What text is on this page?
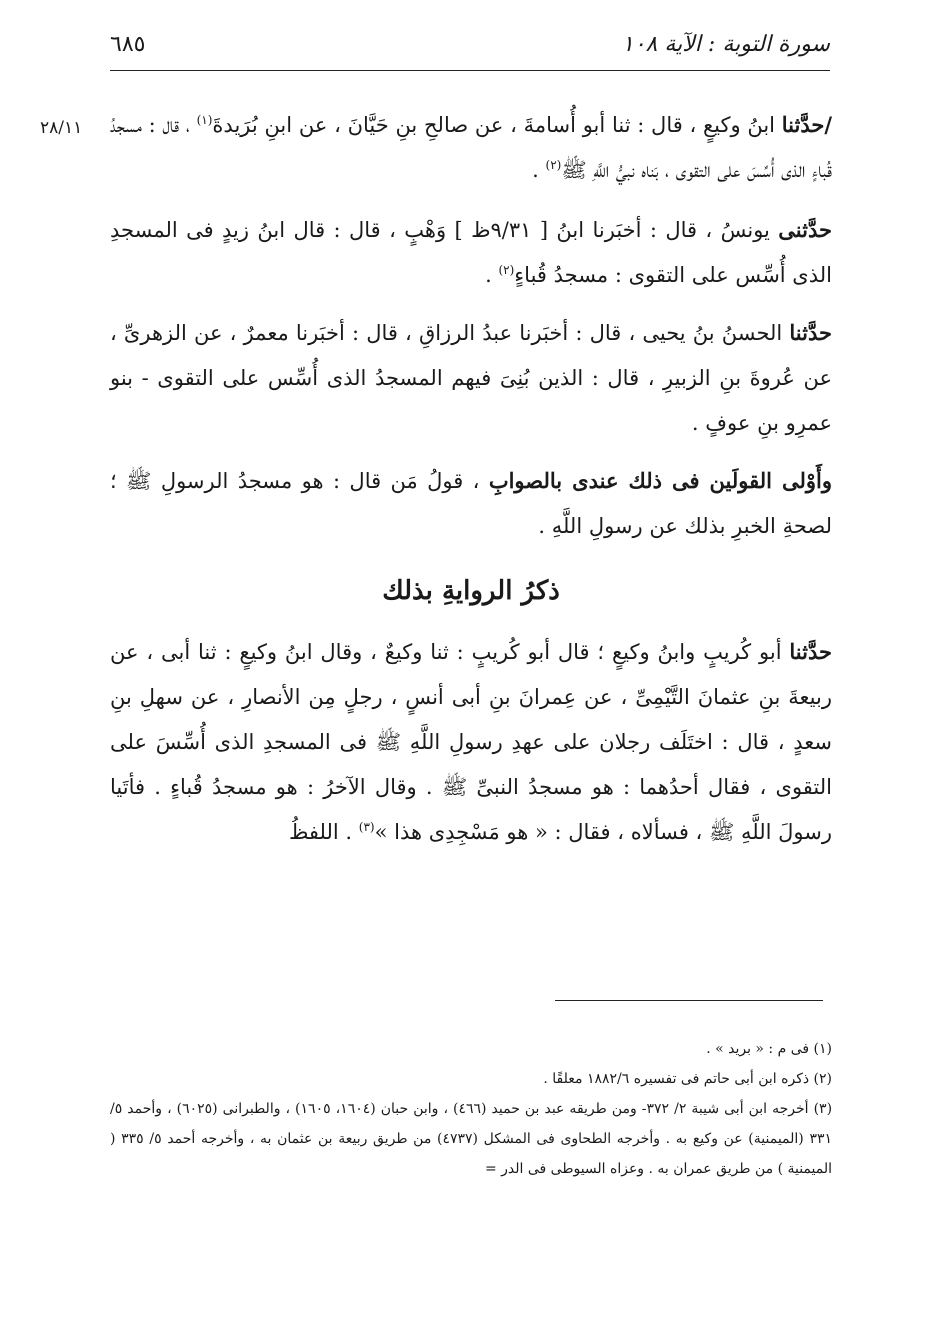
٦٨٥	سورة التوبة : الآية ١٠٨
٢٨/١١	/حدَّثنا ابنُ وكيعٍ ، قال : ثنا أبو أُسامةَ ، عن صالحِ بنِ حَيَّانَ ، عن ابنِ بُرَيدةَ$^{(١)}$ ، قال : مسجدُ قُباءٍ الذى أُسِّسَ على التقوى ، بَناه نبيُّ اللَّهِ ﷺ$^{(٢)}$ .

حدَّثنى يونسُ ، قال : أخبَرنا ابنُ [ ٩/٣١ظ ] وَهْبٍ ، قال : قال ابنُ زيدٍ فى المسجدِ الذى أُسِّس على التقوى : مسجدُ قُباءٍ$^{(٢)}$ .

حدَّثنا الحسنُ بنُ يحيى ، قال : أخبَرنا عبدُ الرزاقِ ، قال : أخبَرنا معمرٌ ، عن الزهرىِّ ، عن عُروةَ بنِ الزبيرِ ، قال : الذين بُنِىَ فيهم المسجدُ الذى أُسِّس على التقوى - بنو عمرِو بنِ عوفٍ .

وأَوْلى القولَين فى ذلك عندى بالصوابِ ، قولُ مَن قال : هو مسجدُ الرسولِ ﷺ ؛ لصحةِ الخبرِ بذلك عن رسولِ اللَّهِ .

ذكرُ الروايةِ بذلك

حدَّثنا أبو كُريبٍ وابنُ وكيعٍ ؛ قال أبو كُريبٍ : ثنا وكيعٌ ، وقال ابنُ وكيعٍ : ثنا أبى ، عن ربيعةَ بنِ عثمانَ التَّيْمِىِّ ، عن عِمرانَ بنِ أبى أنسٍ ، رجلٍ مِن الأنصارِ ، عن سهلِ بنِ سعدٍ ، قال : اختَلَف رجلان على عهدِ رسولِ اللَّهِ ﷺ فى المسجدِ الذى أُسِّسَ على التقوى ، فقال أحدُهما : هو مسجدُ النبىِّ ﷺ . وقال الآخرُ : هو مسجدُ قُباءٍ . فأتَيا رسولَ اللَّهِ ﷺ ، فسألاه ، فقال : « هو مَسْجِدِى هذا »$^{(٣)}$ . اللفظُ

(١) فى م : « بريد » .

(٢) ذكره ابن أبى حاتم فى تفسيره ١٨٨٢/٦ معلقًا .

(٣) أخرجه ابن أبى شيبة ٢/ ٣٧٢- ومن طريقه عبد بن حميد (٤٦٦) ، وابن حبان (١٦٠٤، ١٦٠٥) ، والطبرانى (٦٠٢٥) ، وأحمد ٥/ ٣٣١ (الميمنية) عن وكيع به . وأخرجه الطحاوى فى المشكل (٤٧٣٧) من طريق ربيعة بن عثمان به ، وأخرجه أحمد ٥/ ٣٣٥ ( الميمنية ) من طريق عمران به . وعزاه السيوطى فى الدر =
